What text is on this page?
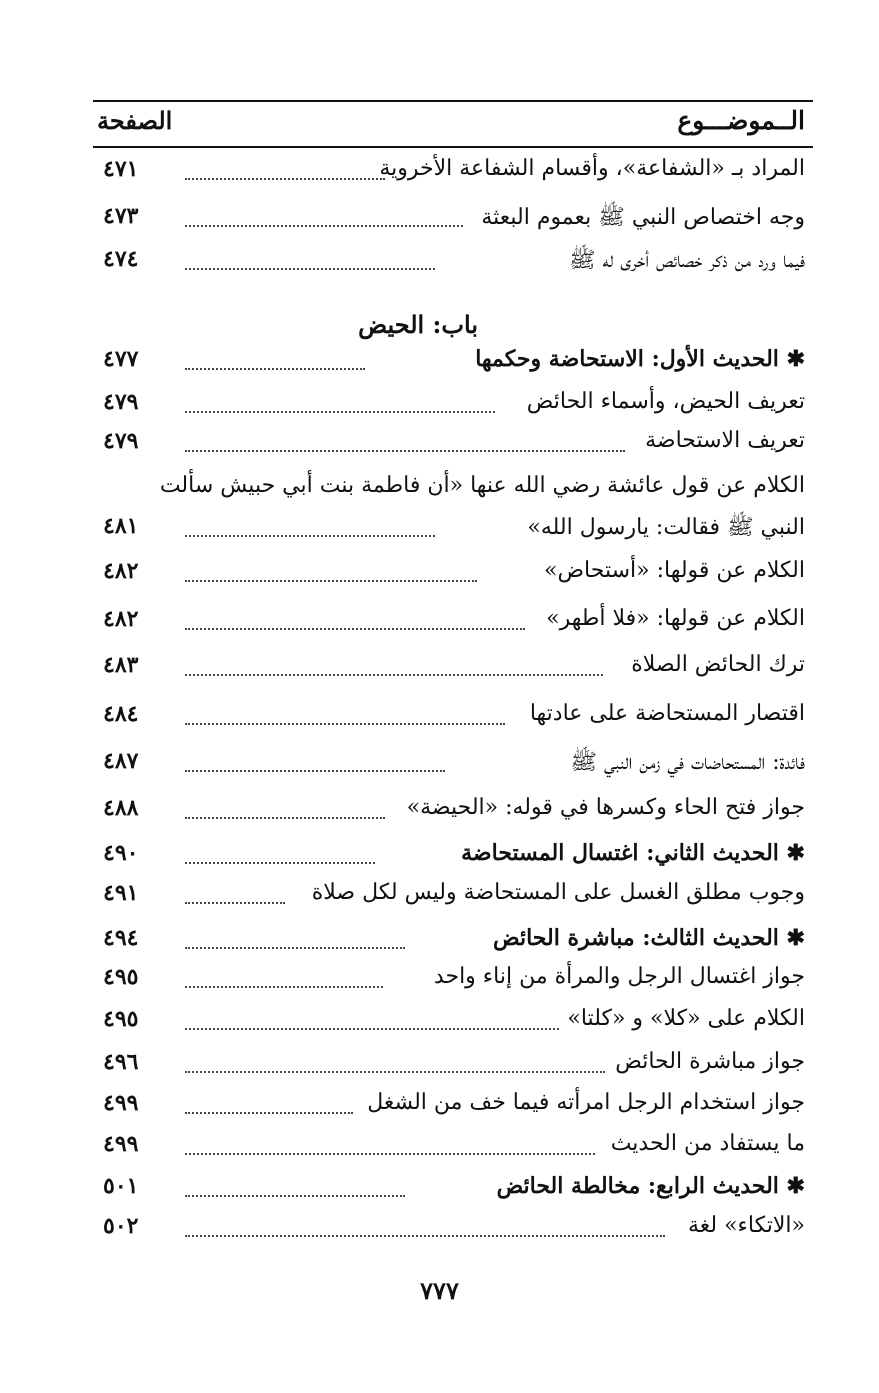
الــموضـــوع
الصفحة
المراد بـ «الشفاعة»، وأقسام الشفاعة الأخروية
٤٧١
وجه اختصاص النبي ﷺ بعموم البعثة
٤٧٣
فيما ورد من ذكر خصائص أخرى له ﷺ
٤٧٤
باب: الحيض
✱ الحديث الأول: الاستحاضة وحكمها
٤٧٧
تعريف الحيض، وأسماء الحائض
٤٧٩
تعريف الاستحاضة
٤٧٩
الكلام عن قول عائشة رضي الله عنها «أن فاطمة بنت أبي حبيش سألت
النبي ﷺ فقالت: يارسول الله»
٤٨١
الكلام عن قولها: «أستحاض»
٤٨٢
الكلام عن قولها: «فلا أطهر»
٤٨٢
ترك الحائض الصلاة
٤٨٣
اقتصار المستحاضة على عادتها
٤٨٤
فائدة: المستحاضات في زمن النبي ﷺ
٤٨٧
جواز فتح الحاء وكسرها في قوله: «الحيضة»
٤٨٨
✱ الحديث الثاني: اغتسال المستحاضة
٤٩٠
وجوب مطلق الغسل على المستحاضة وليس لكل صلاة
٤٩١
✱ الحديث الثالث: مباشرة الحائض
٤٩٤
جواز اغتسال الرجل والمرأة من إناء واحد
٤٩٥
الكلام على «كلا» و «كلتا»
٤٩٥
جواز مباشرة الحائض
٤٩٦
جواز استخدام الرجل امرأته فيما خف من الشغل
٤٩٩
ما يستفاد من الحديث
٤٩٩
✱ الحديث الرابع: مخالطة الحائض
٥٠١
«الاتكاء» لغة
٥٠٢
٧٧٧
